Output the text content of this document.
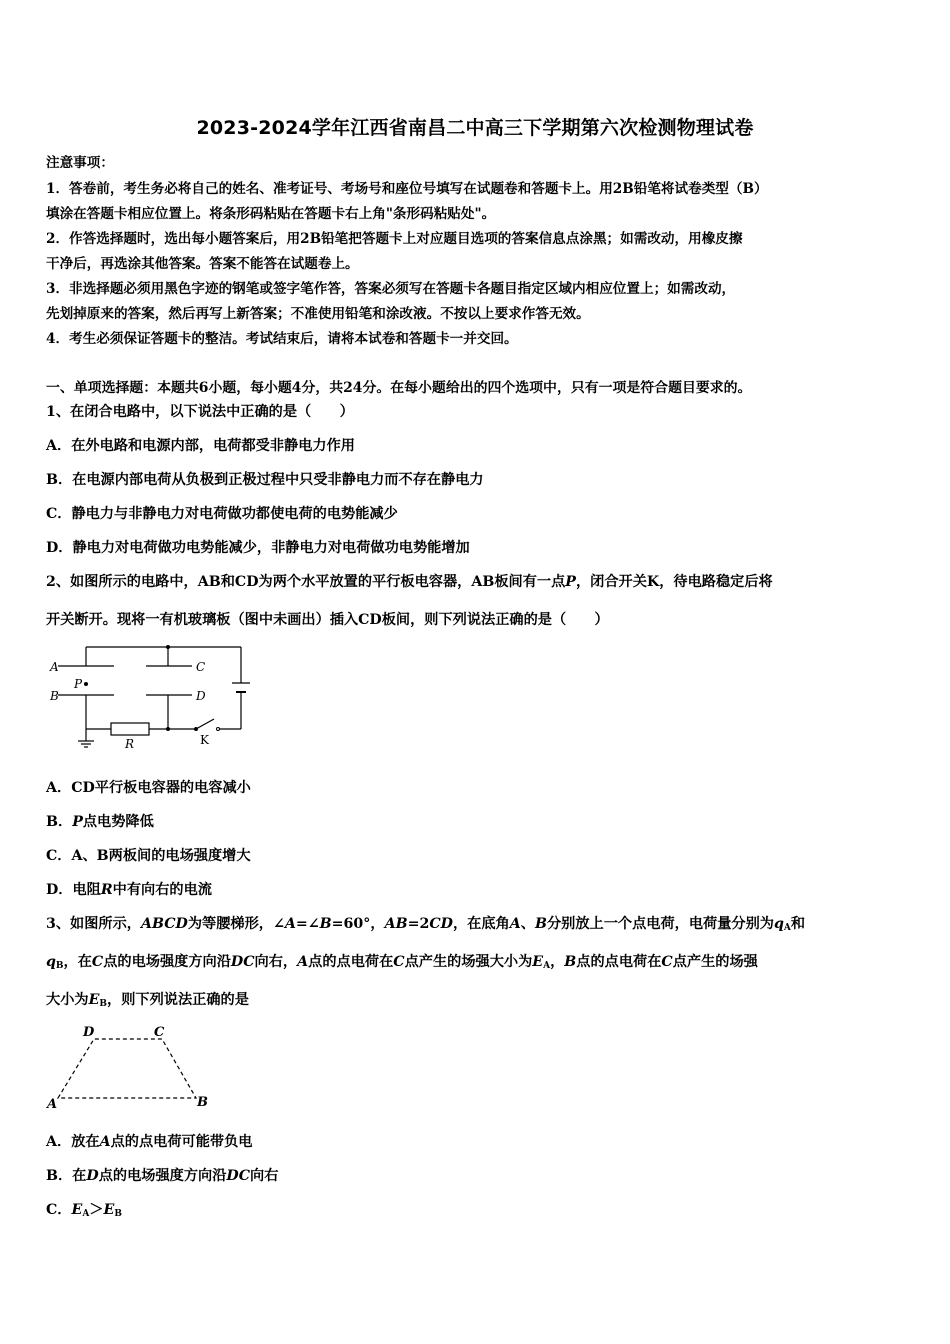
2023-2024学年江西省南昌二中高三下学期第六次检测物理试卷
注意事项：
1．答卷前，考生务必将自己的姓名、准考证号、考场号和座位号填写在试题卷和答题卡上。用2B铅笔将试卷类型（B）
填涂在答题卡相应位置上。将条形码粘贴在答题卡右上角"条形码粘贴处"。
2．作答选择题时，选出每小题答案后，用2B铅笔把答题卡上对应题目选项的答案信息点涂黑；如需改动，用橡皮擦
干净后，再选涂其他答案。答案不能答在试题卷上。
3．非选择题必须用黑色字迹的钢笔或签字笔作答，答案必须写在答题卡各题目指定区域内相应位置上；如需改动，
先划掉原来的答案，然后再写上新答案；不准使用铅笔和涂改液。不按以上要求作答无效。
4．考生必须保证答题卡的整洁。考试结束后，请将本试卷和答题卡一并交回。
一、单项选择题：本题共6小题，每小题4分，共24分。在每小题给出的四个选项中，只有一项是符合题目要求的。
1、在闭合电路中，以下说法中正确的是（　　）
A．在外电路和电源内部，电荷都受非静电力作用
B．在电源内部电荷从负极到正极过程中只受非静电力而不存在静电力
C．静电力与非静电力对电荷做功都使电荷的电势能减少
D．静电力对电荷做功电势能减少，非静电力对电荷做功电势能增加
2、如图所示的电路中，AB和CD为两个水平放置的平行板电容器，AB板间有一点P，闭合开关K，待电路稳定后将
开关断开。现将一有机玻璃板（图中未画出）插入CD板间，则下列说法正确的是（　　）
A
B
C
D
P
R	K
A．CD平行板电容器的电容减小
B．P点电势降低
C．A、B两板间的电场强度增大
D．电阻R中有向右的电流
3、如图所示，ABCD为等腰梯形，∠A=∠B=60°，AB=2CD，在底角A、B分别放上一个点电荷，电荷量分别为$q_A$和
$q_B$，在C点的电场强度方向沿DC向右，A点的点电荷在C点产生的场强大小为$E_A$，B点的点电荷在C点产生的场强
大小为$E_B$，则下列说法正确的是
D	C
A	B
A．放在A点的点电荷可能带负电
B．在D点的电场强度方向沿DC向右
C．$E_A>E_B$
